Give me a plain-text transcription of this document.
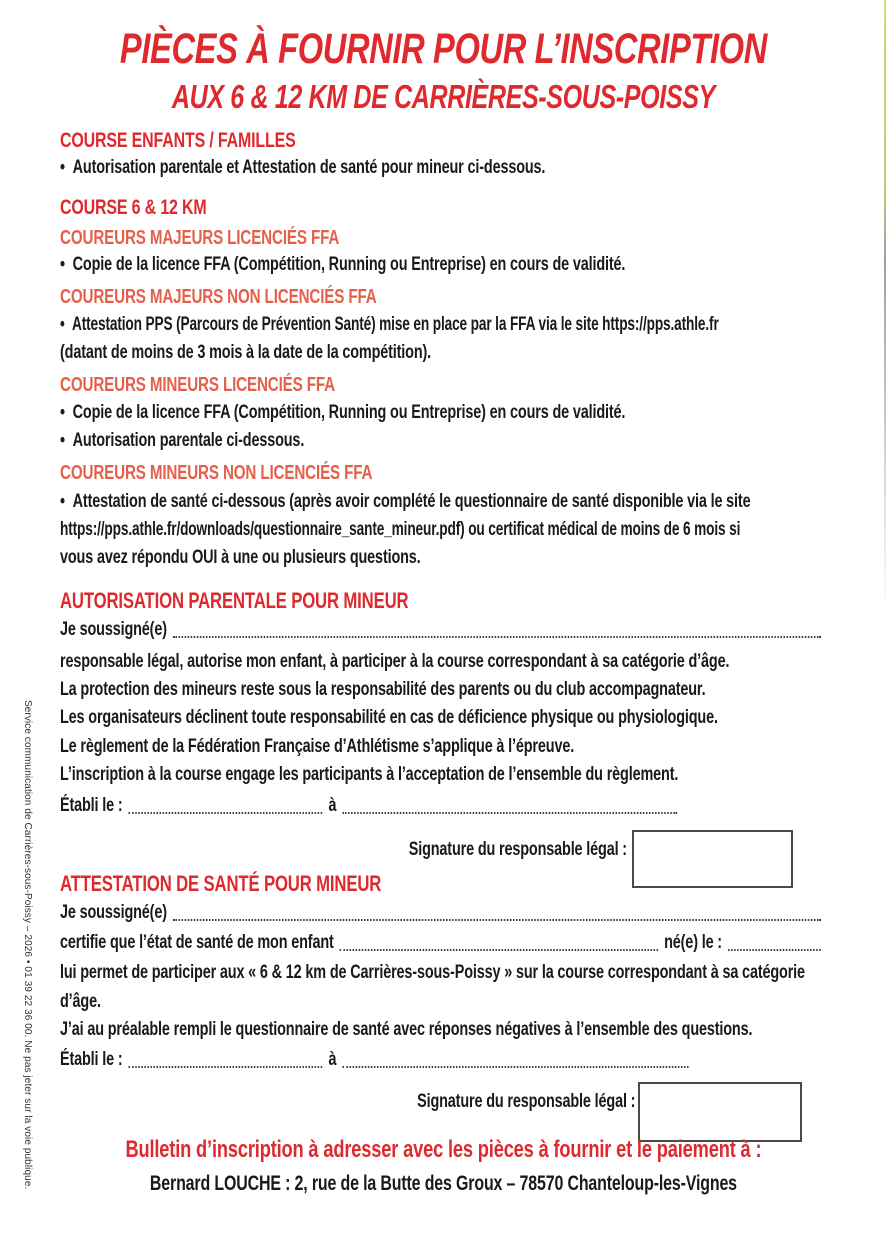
PIÈCES À FOURNIR POUR L’INSCRIPTION
AUX 6 & 12 KM DE CARRIÈRES-SOUS-POISSY
COURSE ENFANTS / FAMILLES
•  Autorisation parentale et Attestation de santé pour mineur ci-dessous.
COURSE 6 & 12 KM
COUREURS MAJEURS LICENCIÉS FFA
•  Copie de la licence FFA (Compétition, Running ou Entreprise) en cours de validité.
COUREURS MAJEURS NON LICENCIÉS FFA
•  Attestation PPS (Parcours de Prévention Santé) mise en place par la FFA via le site https://pps.athle.fr
(datant de moins de 3 mois à la date de la compétition).
COUREURS MINEURS LICENCIÉS FFA
•  Copie de la licence FFA (Compétition, Running ou Entreprise) en cours de validité.
•  Autorisation parentale ci-dessous.
COUREURS MINEURS NON LICENCIÉS FFA
•  Attestation de santé ci-dessous (après avoir complété le questionnaire de santé disponible via le site
https://pps.athle.fr/downloads/questionnaire_sante_mineur.pdf) ou certificat médical de moins de 6 mois si
vous avez répondu OUI à une ou plusieurs questions.
AUTORISATION PARENTALE POUR MINEUR
Je soussigné(e)
responsable légal, autorise mon enfant, à participer à la course correspondant à sa catégorie d’âge.
La protection des mineurs reste sous la responsabilité des parents ou du club accompagnateur.
Les organisateurs déclinent toute responsabilité en cas de déficience physique ou physiologique.
Le règlement de la Fédération Française d’Athlétisme s’applique à l’épreuve.
L’inscription à la course engage les participants à l’acceptation de l’ensemble du règlement.
Établi le :	à
Signature du responsable légal :
ATTESTATION DE SANTÉ POUR MINEUR
Je soussigné(e)
certifie que l’état de santé de mon enfant	né(e) le :
lui permet de participer aux « 6 & 12 km de Carrières-sous-Poissy » sur la course correspondant à sa catégorie
d’âge.
J’ai au préalable rempli le questionnaire de santé avec réponses négatives à l’ensemble des questions.
Établi le :	à
Signature du responsable légal :
Bulletin d’inscription à adresser avec les pièces à fournir et le paiement à :
Bernard LOUCHE : 2, rue de la Butte des Groux – 78570 Chanteloup-les-Vignes
Service communication de Carrières-sous-Poissy – 2026 • 01 39 22 36 00. Ne pas jeter sur la voie publique.
